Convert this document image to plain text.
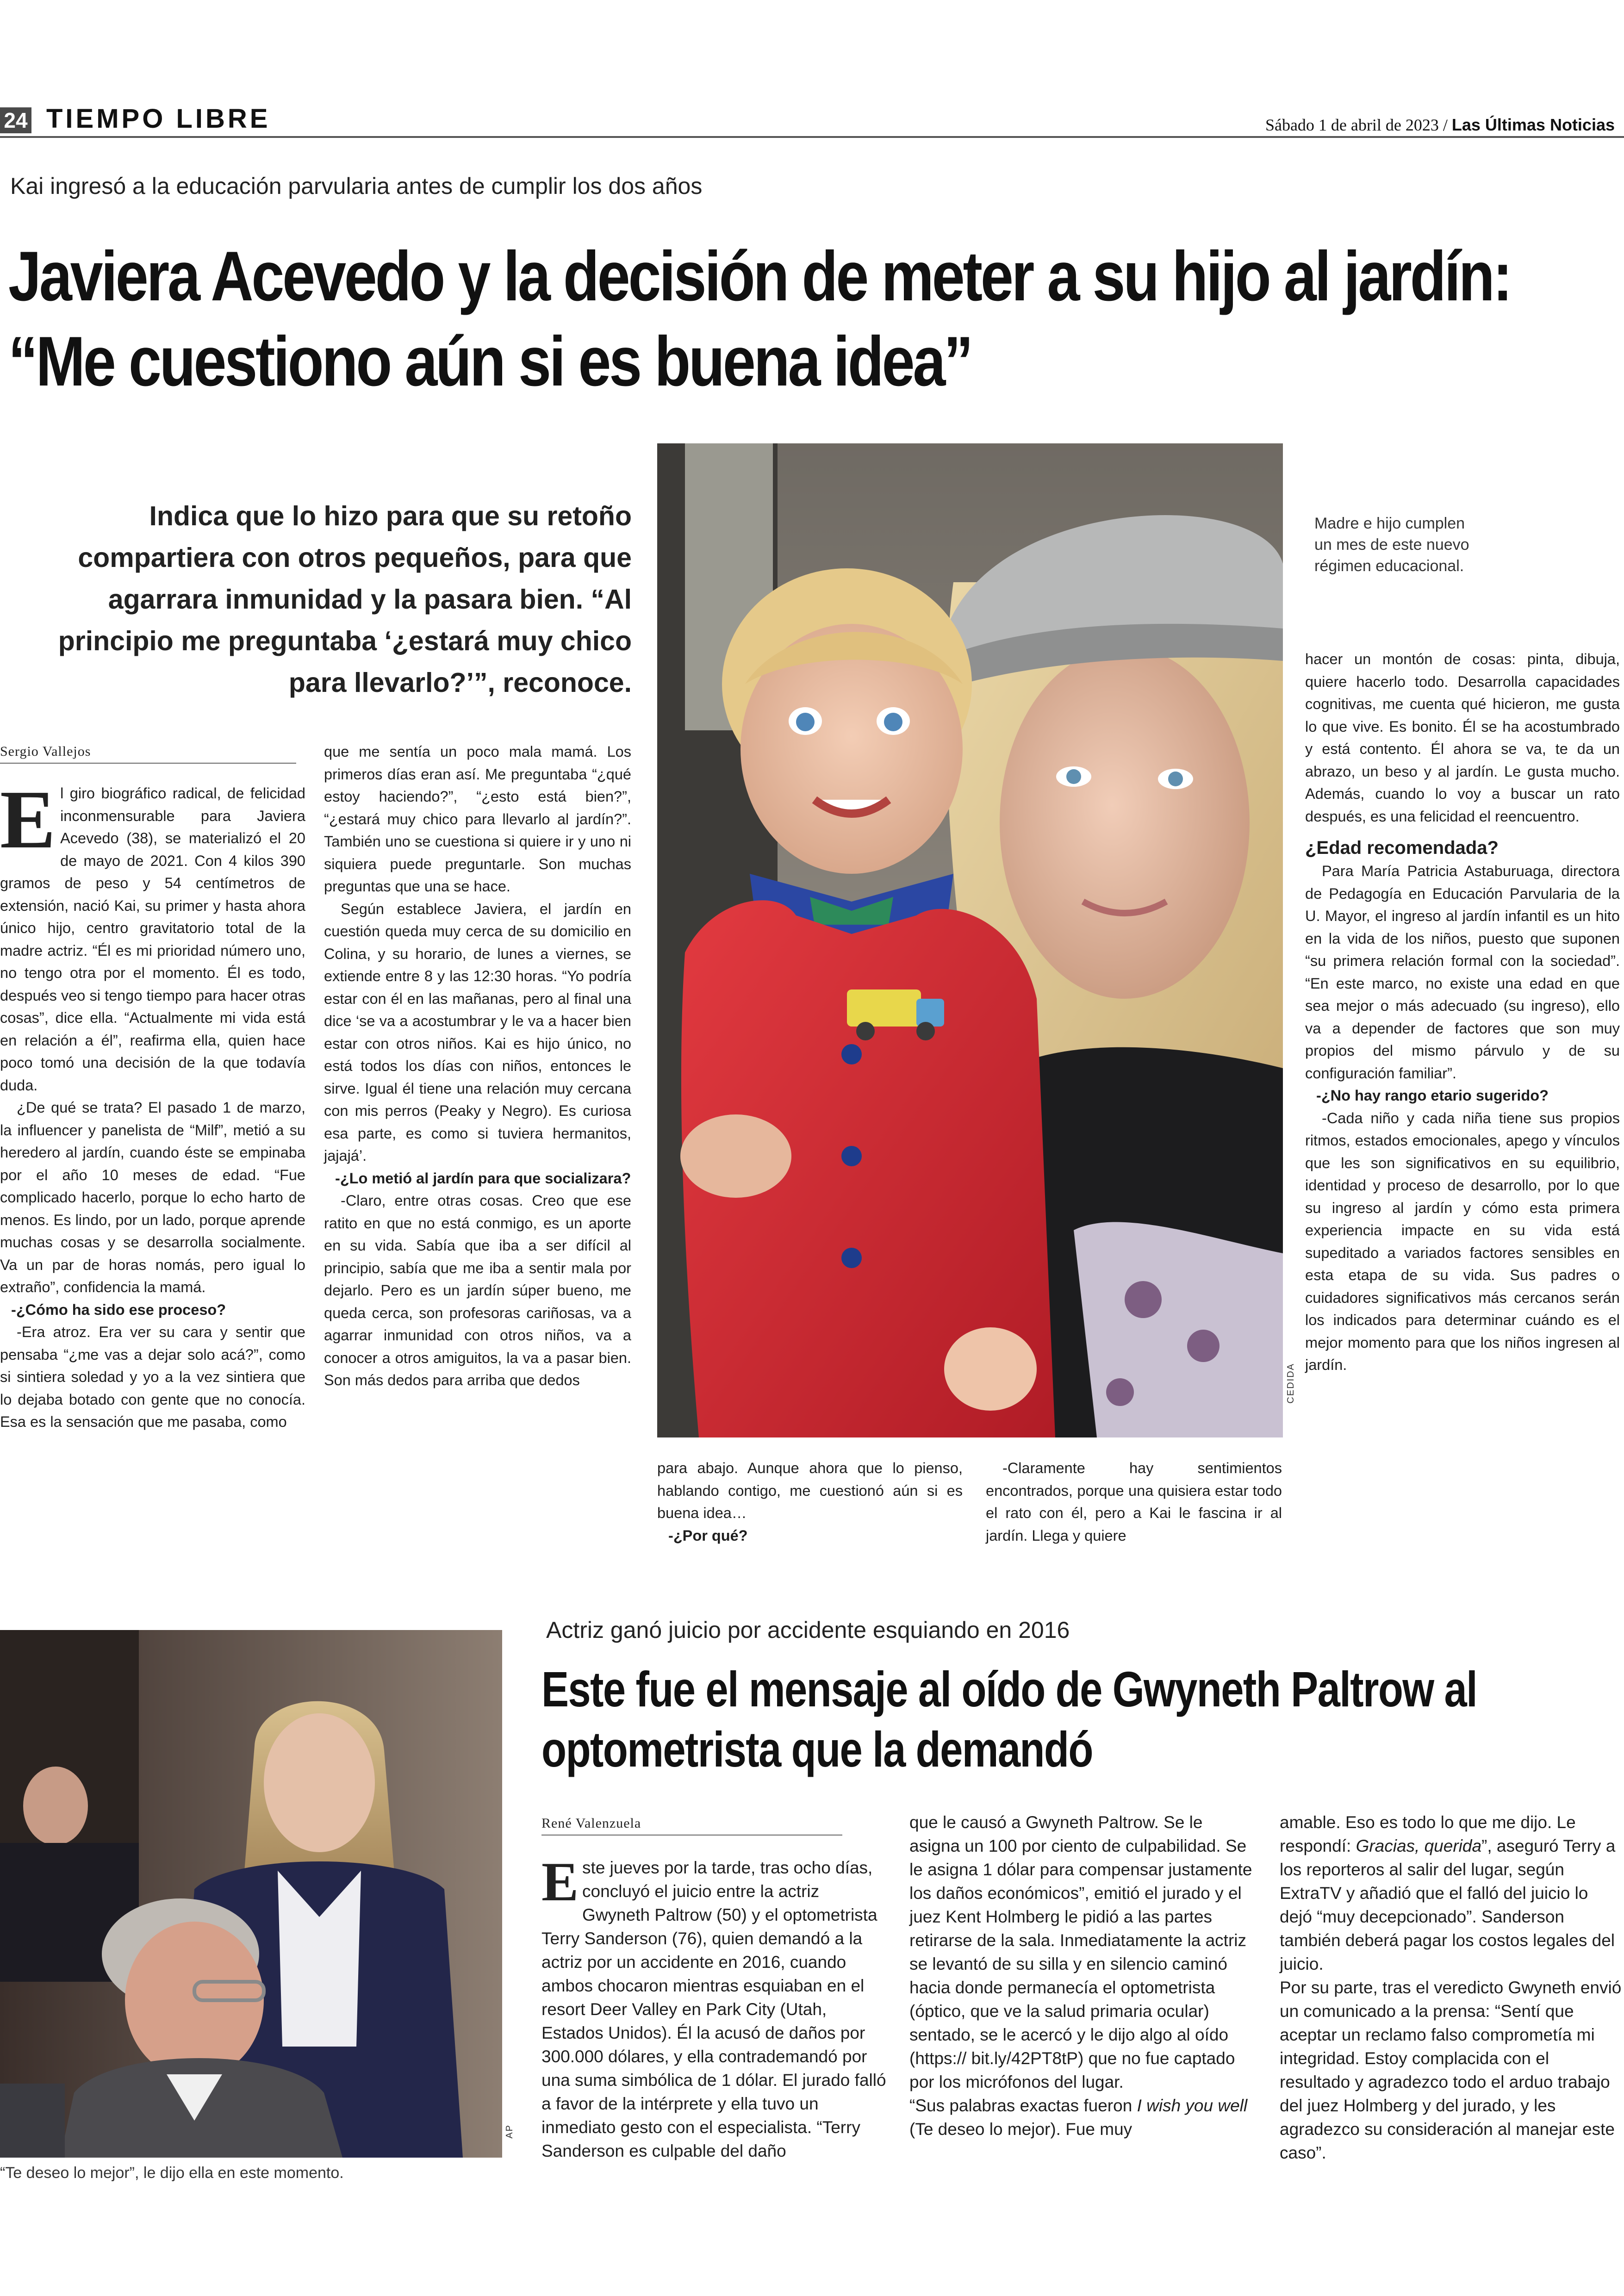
24 TIEMPO LIBRE	Sábado 1 de abril de 2023 / Las Últimas Noticias
Kai ingresó a la educación parvularia antes de cumplir los dos años
Javiera Acevedo y la decisión de meter a su hijo al jardín: “Me cuestiono aún si es buena idea”
Indica que lo hizo para que su retoño compartiera con otros pequeños, para que agarrara inmunidad y la pasara bien. “Al principio me preguntaba ‘¿estará muy chico para llevarlo?’”, reconoce.
CEDIDA
Madre e hijo cumplen un mes de este nuevo régimen educacional.
Sergio Vallejos

El giro biográfico radical, de felicidad inconmensurable para Javiera Acevedo (38), se materializó el 20 de mayo de 2021. Con 4 kilos 390 gramos de peso y 54 centímetros de extensión, nació Kai, su primer y hasta ahora único hijo, centro gravitatorio total de la madre actriz. “Él es mi prioridad número uno, no tengo otra por el momento. Él es todo, después veo si tengo tiempo para hacer otras cosas”, dice ella. “Actualmente mi vida está en relación a él”, reafirma ella, quien hace poco tomó una decisión de la que todavía duda.

¿De qué se trata? El pasado 1 de marzo, la influencer y panelista de “Milf”, metió a su heredero al jardín, cuando éste se empinaba por el año 10 meses de edad. “Fue complicado hacerlo, porque lo echo harto de menos. Es lindo, por un lado, porque aprende muchas cosas y se desarrolla socialmente. Va un par de horas nomás, pero igual lo extraño”, confidencia la mamá.

-¿Cómo ha sido ese proceso?

-Era atroz. Era ver su cara y sentir que pensaba “¿me vas a dejar solo acá?”, como si sintiera soledad y yo a la vez sintiera que lo dejaba botado con gente que no conocía. Esa es la sensación que me pasaba, como

que me sentía un poco mala mamá. Los primeros días eran así. Me preguntaba “¿qué estoy haciendo?”, “¿esto está bien?”, “¿estará muy chico para llevarlo al jardín?”. También uno se cuestiona si quiere ir y uno ni siquiera puede preguntarle. Son muchas preguntas que una se hace.

Según establece Javiera, el jardín en cuestión queda muy cerca de su domicilio en Colina, y su horario, de lunes a viernes, se extiende entre 8 y las 12:30 horas. “Yo podría estar con él en las mañanas, pero al final una dice ‘se va a acostumbrar y le va a hacer bien estar con otros niños. Kai es hijo único, no está todos los días con niños, entonces le sirve. Igual él tiene una relación muy cercana con mis perros (Peaky y Negro). Es curiosa esa parte, es como si tuviera hermanitos, jajajá’.

-¿Lo metió al jardín para que socializara?

-Claro, entre otras cosas. Creo que ese ratito en que no está conmigo, es un aporte en su vida. Sabía que iba a ser difícil al principio, sabía que me iba a sentir mala por dejarlo. Pero es un jardín súper bueno, me queda cerca, son profesoras cariñosas, va a agarrar inmunidad con otros niños, va a conocer a otros amiguitos, la va a pasar bien. Son más dedos para arriba que dedos

para abajo. Aunque ahora que lo pienso, hablando contigo, me cuestionó aún si es buena idea…

-¿Por qué?

-Claramente hay sentimientos encontrados, porque una quisiera estar todo el rato con él, pero a Kai le fascina ir al jardín. Llega y quiere

hacer un montón de cosas: pinta, dibuja, quiere hacerlo todo. Desarrolla capacidades cognitivas, me cuenta qué hicieron, me gusta lo que vive. Es bonito. Él se ha acostumbrado y está contento. Él ahora se va, te da un abrazo, un beso y al jardín. Le gusta mucho. Además, cuando lo voy a buscar un rato después, es una felicidad el reencuentro.

¿Edad recomendada?

Para María Patricia Astaburuaga, directora de Pedagogía en Educación Parvularia de la U. Mayor, el ingreso al jardín infantil es un hito en la vida de los niños, puesto que suponen “su primera relación formal con la sociedad”. “En este marco, no existe una edad en que sea mejor o más adecuado (su ingreso), ello va a depender de factores que son muy propios del mismo párvulo y de su configuración familiar”.

-¿No hay rango etario sugerido?

-Cada niño y cada niña tiene sus propios ritmos, estados emocionales, apego y vínculos que les son significativos en su equilibrio, identidad y proceso de desarrollo, por lo que su ingreso al jardín y cómo esta primera experiencia impacte en su vida está supeditado a variados factores sensibles en esta etapa de su vida. Sus padres o cuidadores significativos más cercanos serán los indicados para determinar cuándo es el mejor momento para que los niños ingresen al jardín.

AP
“Te deseo lo mejor”, le dijo ella en este momento.
Actriz ganó juicio por accidente esquiando en 2016
Este fue el mensaje al oído de Gwyneth Paltrow al optometrista que la demandó
René Valenzuela

Este jueves por la tarde, tras ocho días, concluyó el juicio entre la actriz Gwyneth Paltrow (50) y el optometrista Terry Sanderson (76), quien demandó a la actriz por un accidente en 2016, cuando ambos chocaron mientras esquiaban en el resort Deer Valley en Park City (Utah, Estados Unidos). Él la acusó de daños por 300.000 dólares, y ella contrademandó por una suma simbólica de 1 dólar. El jurado falló a favor de la intérprete y ella tuvo un inmediato gesto con el especialista. “Terry Sanderson es culpable del daño

que le causó a Gwyneth Paltrow. Se le asigna un 100 por ciento de culpabilidad. Se le asigna 1 dólar para compensar justamente los daños económicos”, emitió el jurado y el juez Kent Holmberg le pidió a las partes retirarse de la sala. Inmediatamente la actriz se levantó de su silla y en silencio caminó hacia donde permanecía el optometrista (óptico, que ve la salud primaria ocular) sentado, se le acercó y le dijo algo al oído (https:// bit.ly/42PT8tP) que no fue captado por los micrófonos del lugar.

“Sus palabras exactas fueron I wish you well (Te deseo lo mejor). Fue muy

amable. Eso es todo lo que me dijo. Le respondí: Gracias, querida”, aseguró Terry a los reporteros al salir del lugar, según ExtraTV y añadió que el falló del juicio lo dejó “muy decepcionado”. Sanderson también deberá pagar los costos legales del juicio.

Por su parte, tras el veredicto Gwyneth envió un comunicado a la prensa: “Sentí que aceptar un reclamo falso comprometía mi integridad. Estoy complacida con el resultado y agradezco todo el arduo trabajo del juez Holmberg y del jurado, y les agradezco su consideración al manejar este caso”.
